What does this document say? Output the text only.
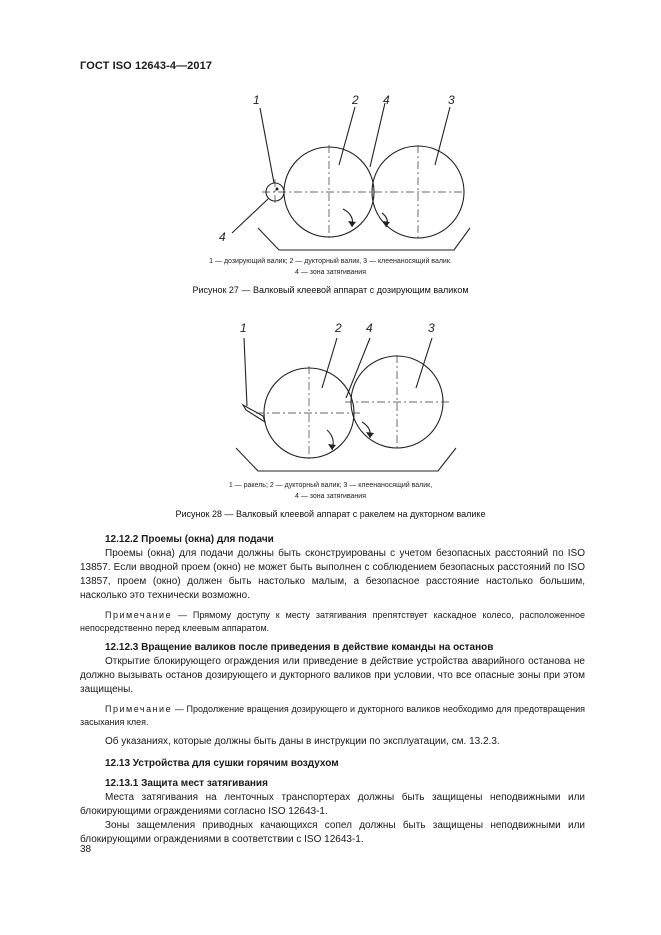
ГОСТ ISO 12643-4—2017
1	2 4	3
4
1 — дозирующий валик; 2 — дукторный валик, 3 — клеенаносящий валик.
4 — зона затягивания
Рисунок 27 — Валковый клеевой аппарат с дозирующим валиком
1	2 4	3
1 — ракель; 2 — дукторный валик; 3 — клеенаносящий валик,
4 — зона затягивания
Рисунок 28 — Валковый клеевой аппарат с ракелем на дукторном валике

12.12.2 Проемы (окна) для подачи

Проемы (окна) для подачи должны быть сконструированы с учетом безопасных расстояний по ISO 13857. Если вводной проем (окно) не может быть выполнен с соблюдением безопасных расстояний по ISO 13857, проем (окно) должен быть настолько малым, а безопасное расстояние настолько большим, насколько это технически возможно.

Примечание — Прямому доступу к месту затягивания препятствует каскадное колесо, расположенное непосредственно перед клеевым аппаратом.

12.12.3 Вращение валиков после приведения в действие команды на останов

Открытие блокирующего ограждения или приведение в действие устройства аварийного останова не должно вызывать останов дозирующего и дукторного валиков при условии, что все опасные зоны при этом защищены.

Примечание — Продолжение вращения дозирующего и дукторного валиков необходимо для предотвращения засыхания клея.

Об указаниях, которые должны быть даны в инструкции по эксплуатации, см. 13.2.3.

12.13 Устройства для сушки горячим воздухом

12.13.1 Защита мест затягивания

Места затягивания на ленточных транспортерах должны быть защищены неподвижными или блокирующими ограждениями согласно ISO 12643-1.

Зоны защемления приводных качающихся сопел должны быть защищены неподвижными или блокирующими ограждениями в соответствии с ISO 12643-1.

38
